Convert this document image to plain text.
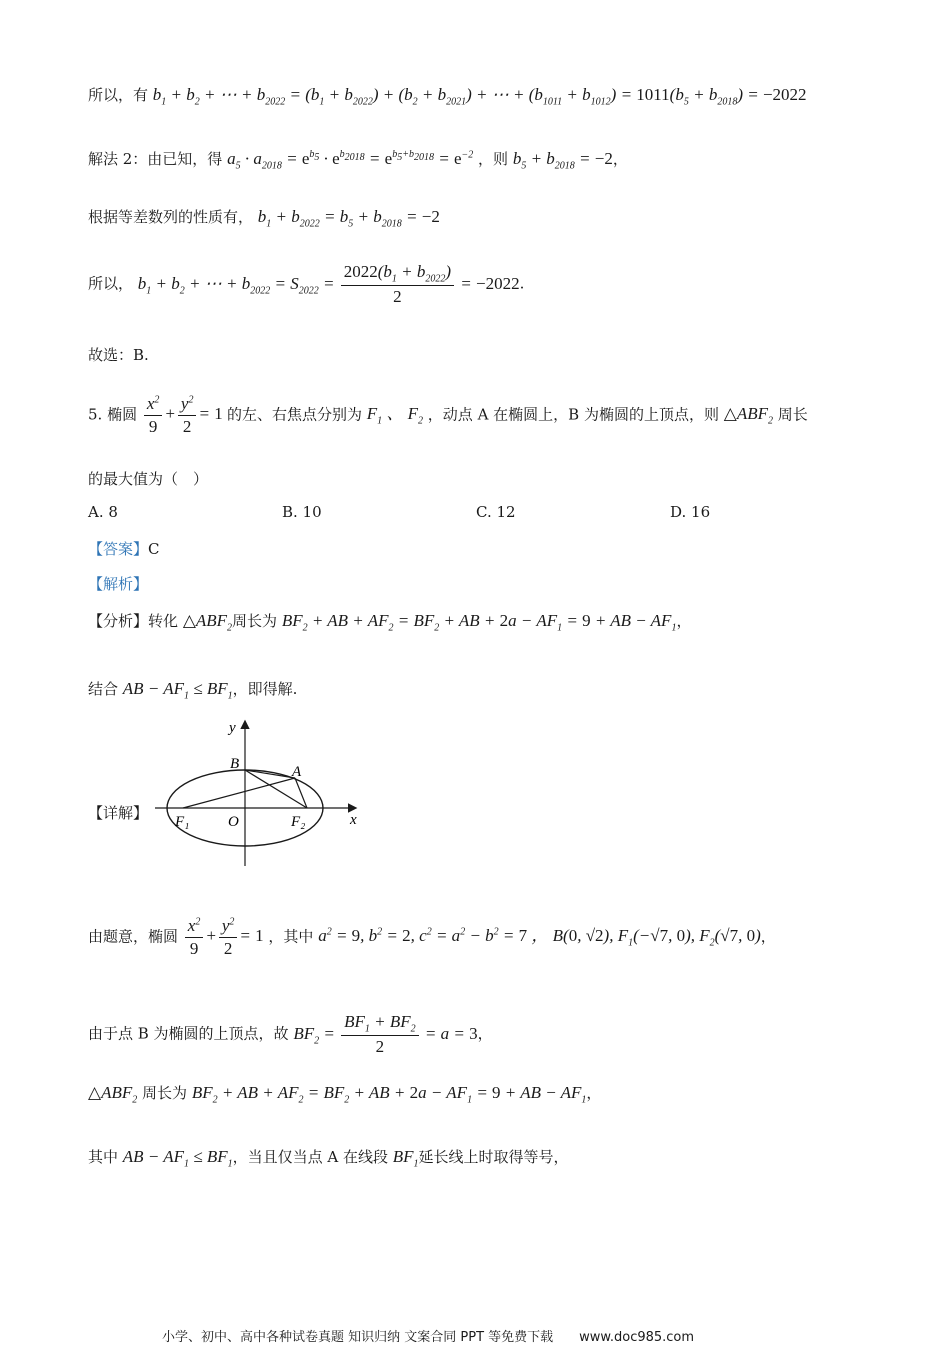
所以，有 $b_1 + b_2$ + ⋯ + $b_{2022} = (b_1 + b_{2022}) + (b_2 + b_{2021})$ + ⋯ + $(b_{1011} + b_{1012}) = 1011(b_5 + b_{2018}) = -2022$
解法 2：由已知，得 $a_5 \cdot a_{2018} = e^{b_5} \cdot e^{b_{2018}} = e^{b_5+b_{2018}} = e^{-2}$ ，则 $b_5 + b_{2018} = -2$，
根据等差数列的性质有， $b_1 + b_{2022} = b_5 + b_{2018} = -2$
所以， $b_1 + b_2$ + ⋯ + $b_{2022} = S_{2022} = \frac{2022(b_1 + b_{2022})}{2} = -2022$.
故选：B.
5. 椭圆 $\frac{x^2}{9} + \frac{y^2}{2} = 1$ 的左、右焦点分别为 $F_1$ 、 $F_2$ ，动点 A 在椭圆上，B 为椭圆的上顶点，则 $\triangle ABF_2$ 周长
的最大值为（　）
A. 8	B. 10	C. 12	D. 16
【答案】C
【解析】
【分析】转化 $\triangle ABF_2$周长为 $BF_2$ + AB + $AF_2 = BF_2$ + AB + $2a - AF_1 = 9$ + AB − $AF_1$，
结合 AB − $AF_1 \le BF_1$，即得解.
【详解】
y
x
B	A
O
F₁	F₂
由题意，椭圆 $\frac{x^2}{9} + \frac{y^2}{2} = 1$ ，其中 $a^2 = 9$, $b^2 = 2$, $c^2 = a^2 - b^2 = 7$ ， B(0, √2), $F_1(-√7$, 0), $F_2(√7$, 0)，
由于点 B 为椭圆的上顶点，故 $BF_2 = \frac{BF_1 + BF_2}{2} = a = 3$，
$\triangle ABF_2$ 周长为 $BF_2$ + AB + $AF_2 = BF_2$ + AB + $2a - AF_1 = 9$ + AB − $AF_1$，
其中 AB − $AF_1 \le BF_1$，当且仅当点 A 在线段 $BF_1$延长线上时取得等号，
小学、初中、高中各种试卷真题 知识归纳 文案合同 PPT 等免费下载　　www.doc985.com
